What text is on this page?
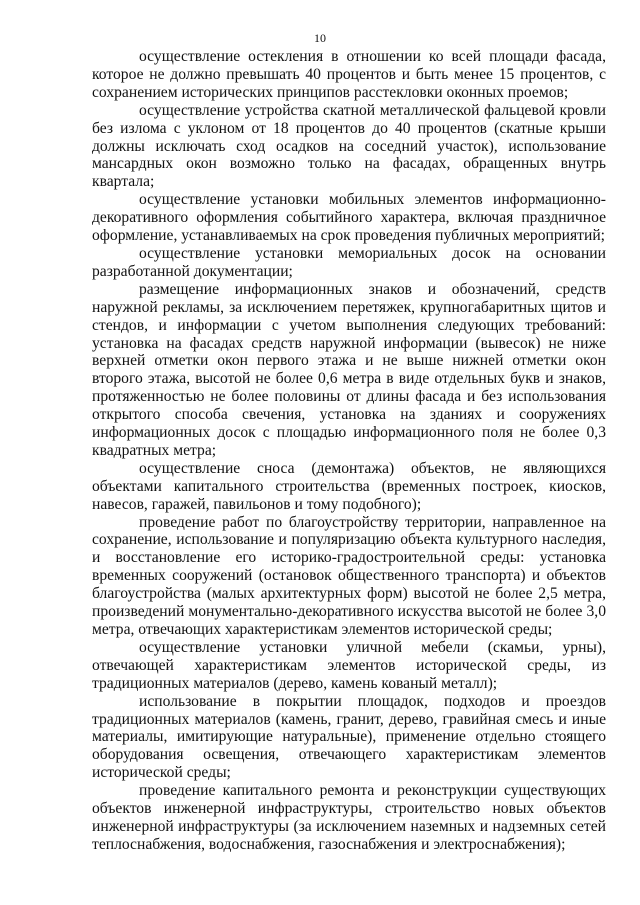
10

осуществление остекления в отношении ко всей площади фасада, которое не должно превышать 40 процентов и быть менее 15 процентов, с сохранением исторических принципов расстекловки оконных проемов;

осуществление устройства скатной металлической фальцевой кровли без излома с уклоном от 18 процентов до 40 процентов (скатные крыши должны исключать сход осадков на соседний участок), использование мансардных окон возможно только на фасадах, обращенных внутрь квартала;

осуществление установки мобильных элементов информационно-декоративного оформления событийного характера, включая праздничное оформление, устанавливаемых на срок проведения публичных мероприятий;

осуществление установки мемориальных досок на основании разработанной документации;

размещение информационных знаков и обозначений, средств наружной рекламы, за исключением перетяжек, крупногабаритных щитов и стендов, и информации с учетом выполнения следующих требований: установка на фасадах средств наружной информации (вывесок) не ниже верхней отметки окон первого этажа и не выше нижней отметки окон второго этажа, высотой не более 0,6 метра в виде отдельных букв и знаков, протяженностью не более половины от длины фасада и без использования открытого способа свечения, установка на зданиях и сооружениях информационных досок с площадью информационного поля не более 0,3 квадратных метра;

осуществление сноса (демонтажа) объектов, не являющихся объектами капитального строительства (временных построек, киосков, навесов, гаражей, павильонов и тому подобного);

проведение работ по благоустройству территории, направленное на сохранение, использование и популяризацию объекта культурного наследия, и восстановление его историко-градостроительной среды: установка временных сооружений (остановок общественного транспорта) и объектов благоустройства (малых архитектурных форм) высотой не более 2,5 метра, произведений монументально-декоративного искусства высотой не более 3,0 метра, отвечающих характеристикам элементов исторической среды;

осуществление установки уличной мебели (скамьи, урны), отвечающей характеристикам элементов исторической среды, из традиционных материалов (дерево, камень кованый металл);

использование в покрытии площадок, подходов и проездов традиционных материалов (камень, гранит, дерево, гравийная смесь и иные материалы, имитирующие натуральные), применение отдельно стоящего оборудования освещения, отвечающего характеристикам элементов исторической среды;

проведение капитального ремонта и реконструкции существующих объектов инженерной инфраструктуры, строительство новых объектов инженерной инфраструктуры (за исключением наземных и надземных сетей теплоснабжения, водоснабжения, газоснабжения и электроснабжения);
